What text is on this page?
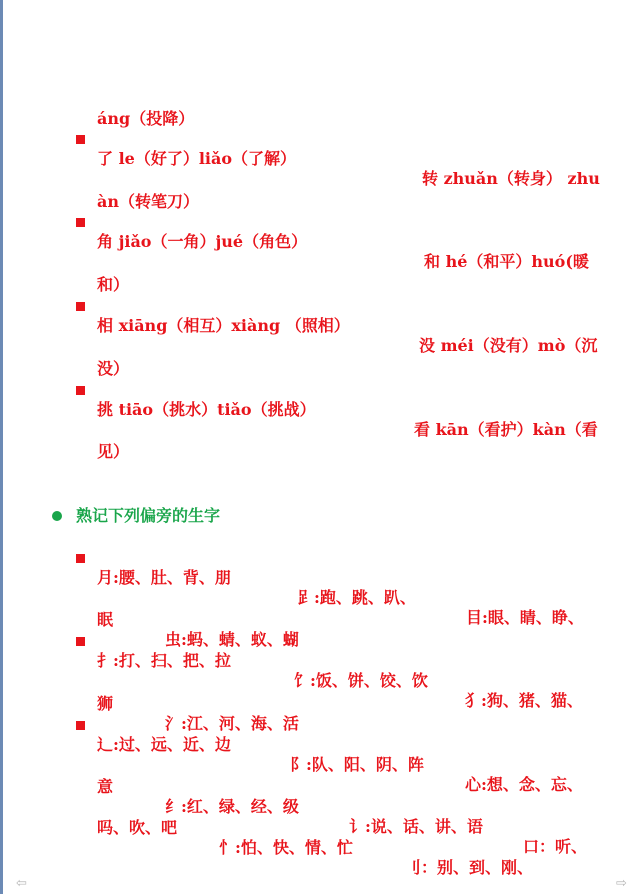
áng（投降）

了 le（好了）liǎo（了解）

转 zhuǎn（转身） zhu

àn（转笔刀）

角 jiǎo（一角）jué（角色）

和 hé（和平）huó(暖

和）

相 xiāng（相互）xiàng （照相）

没 méi（没有）mò（沉

没）

挑 tiāo（挑水）tiǎo（挑战）

看 kān（看护）kàn（看

见）

熟记下列偏旁的生字

月:腰、肚、背、朋

𧾷:跑、跳、趴、

目:眼、睛、睁、

眠

虫:蚂、蜻、蚁、蝴

扌:打、扫、把、拉

饣:饭、饼、饺、饮

犭:狗、猪、猫、

狮

氵:江、河、海、活

辶:过、远、近、边

阝:队、阳、阴、阵

心:想、念、忘、

意

纟:红、绿、经、级

讠:说、话、讲、语

口：听、

吗、吹、吧

忄:怕、快、情、忙

刂：别、到、刚、

⇦	⇨
